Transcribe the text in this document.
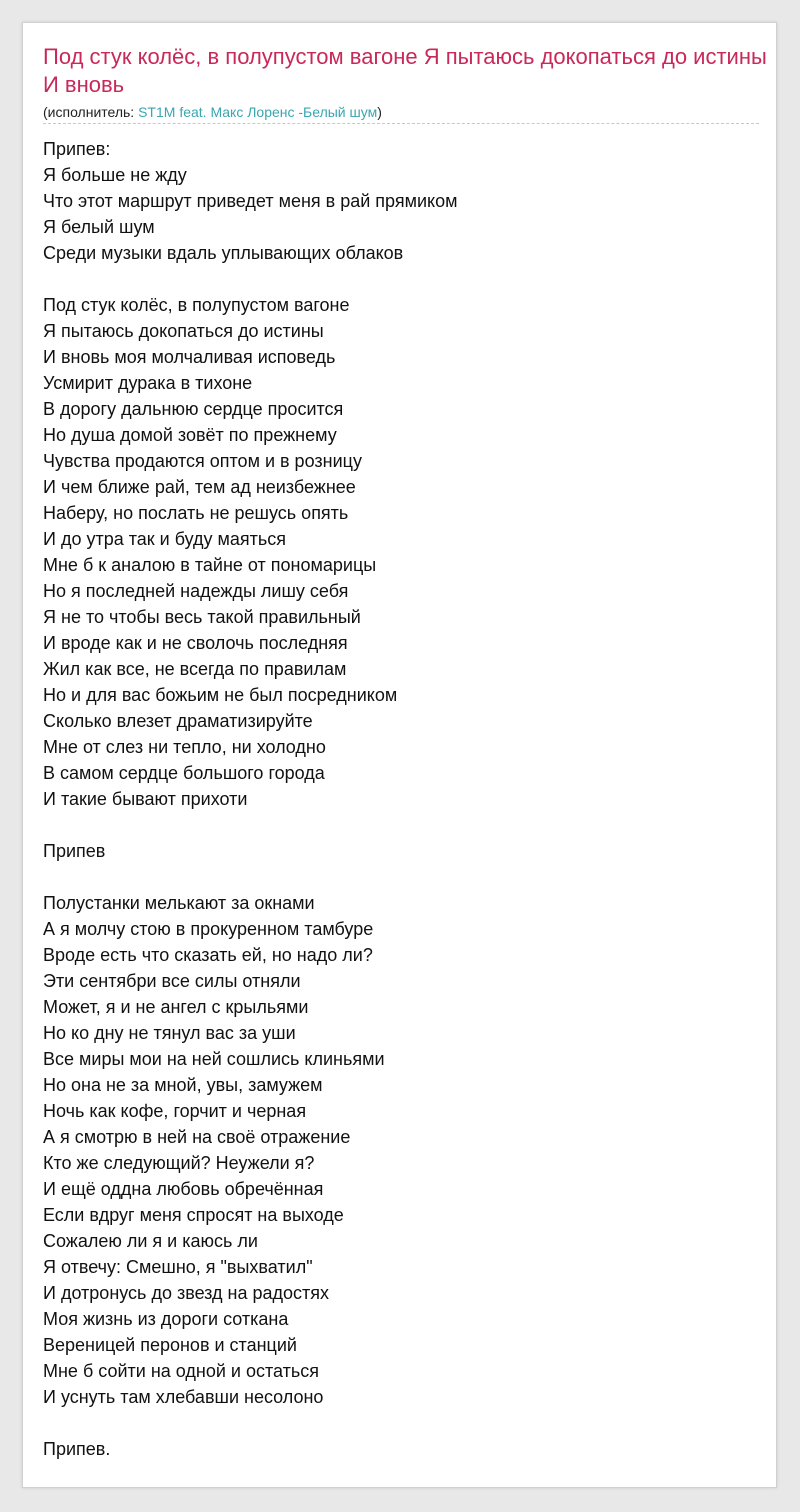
Под стук колёс, в полупустом вагоне Я пытаюсь докопаться до истины И вновь
(исполнитель: ST1M feat. Макс Лоренс -Белый шум)
Припев:
Я больше не жду
Что этот маршрут приведет меня в рай прямиком
Я белый шум
Среди музыки вдаль уплывающих облаков
Под стук колёс, в полупустом вагоне
Я пытаюсь докопаться до истины
И вновь моя молчаливая исповедь
Усмирит дурака в тихоне
В дорогу дальнюю сердце просится
Но душа домой зовёт по прежнему
Чувства продаются оптом и в розницу
И чем ближе рай, тем ад неизбежнее
Наберу, но послать не решусь опять
И до утра так и буду маяться
Мне б к аналою в тайне от пономарицы
Но я последней надежды лишу себя
Я не то чтобы весь такой правильный
И вроде как и не сволочь последняя
Жил как все, не всегда по правилам
Но и для вас божьим не был посредником
Сколько влезет драматизируйте
Мне от слез ни тепло, ни холодно
В самом сердце большого города
И такие бывают прихоти
Припев
Полустанки мелькают за окнами
А я молчу стою в прокуренном тамбуре
Вроде есть что сказать ей, но надо ли?
Эти сентябри все силы отняли
Может, я и не ангел с крыльями
Но ко дну не тянул вас за уши
Все миры мои на ней сошлись клиньями
Но она не за мной, увы, замужем
Ночь как кофе, горчит и черная
А я смотрю в ней на своё отражение
Кто же следующий? Неужели я?
И ещё оддна любовь обречённая
Если вдруг меня спросят на выходе
Сожалею ли я и каюсь ли
Я отвечу: Смешно, я "выхватил"
И дотронусь до звезд на радостях
Моя жизнь из дороги соткана
Вереницей перонов и станций
Мне б сойти на одной и остаться
И уснуть там хлебавши несолоно
Припев.
